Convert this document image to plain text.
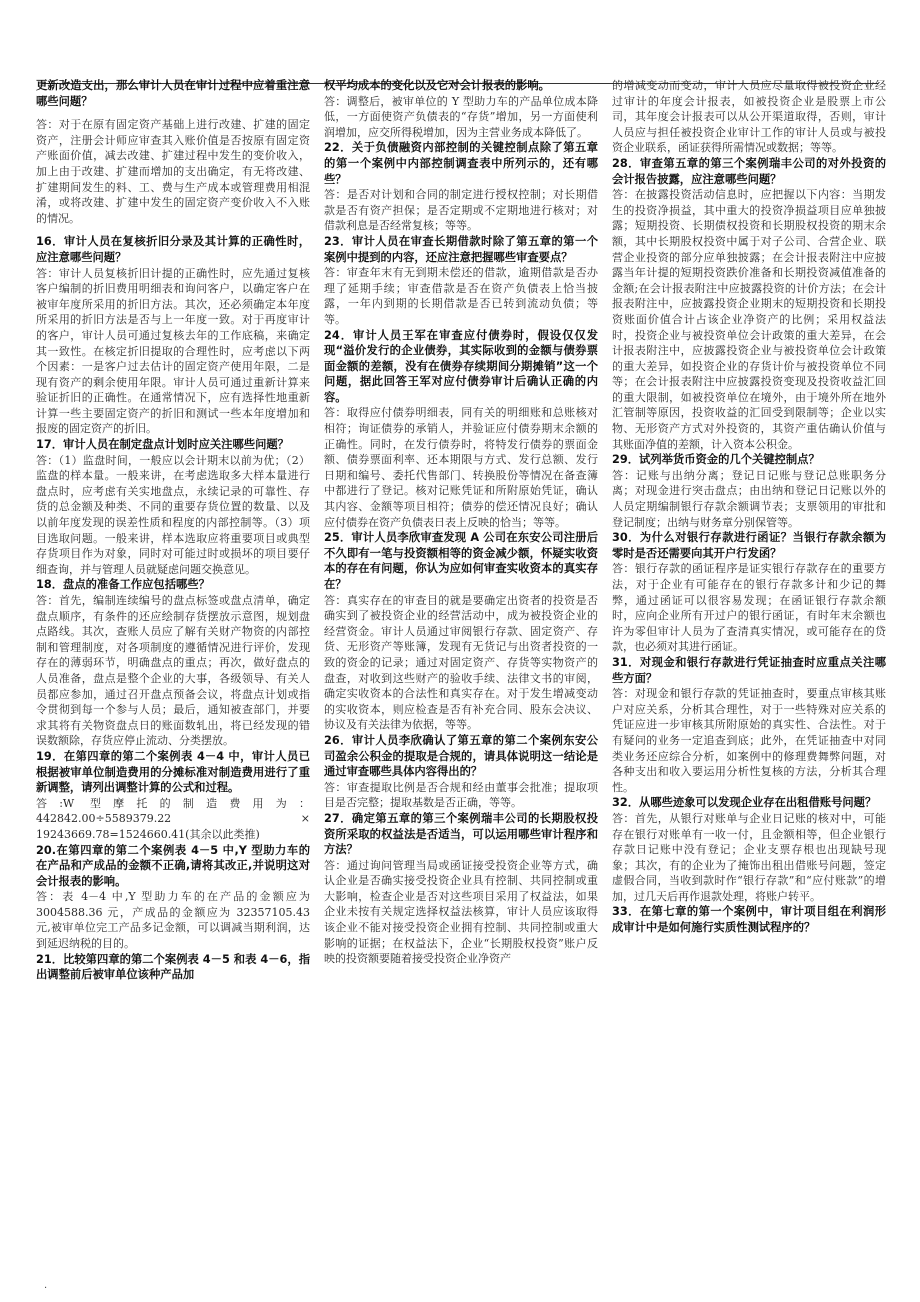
更新改造支出，那么审计人员在审计过程中应着重注意哪些问题？

答：对于在原有固定资产基础上进行改建、扩建的固定资产，注册会计师应审查其入账价值是否按原有固定资产账面价值，减去改建、扩建过程中发生的变价收入，加上由于改建、扩建而增加的支出确定，有无将改建、扩建期间发生的料、工、费与生产成本或管理费用相混淆，或将改建、扩建中发生的固定资产变价收入不入账的情况。

16．审计人员在复核折旧分录及其计算的正确性时，应注意哪些问题？

答：审计人员复核折旧计提的正确性时，应先通过复核客户编制的折旧费用明细表和询问客户，以确定客户在被审年度所采用的折旧方法。其次，还必须确定本年度所采用的折旧方法是否与上一年度一致。对于再度审计的客户，审计人员可通过复核去年的工作底稿，来确定其一致性。在核定折旧提取的合理性时，应考虑以下两个因素：一是客户过去估计的固定资产使用年限，二是现有资产的剩余使用年限。审计人员可通过重新计算来验证折旧的正确性。在通常情况下，应有选择性地重新计算一些主要固定资产的折旧和测试一些本年度增加和报废的固定资产的折旧。

17．审计人员在制定盘点计划时应关注哪些问题？

答：（1）监盘时间，一般应以会计期末以前为优；（2）监盘的样本量。一般来讲，在考虑选取多大样本量进行盘点时，应考虑有关实地盘点，永续记录的可靠性、存货的总金额及种类、不同的重要存货位置的数量、以及以前年度发现的误差性质和程度的内部控制等。（3）项目选取问题。一般来讲，样本选取应将重要项目或典型存货项目作为对象，同时对可能过时或损坏的项目要仔细查询，并与管理人员就疑虑问题交换意见。

18．盘点的准备工作应包括哪些？

答：首先，编制连续编号的盘点标签或盘点清单，确定盘点顺序，有条件的还应绘制存货摆放示意图，规划盘点路线。其次，查账人员应了解有关财产物资的内部控制和管理制度，对各项制度的遵循情况进行评价，发现存在的薄弱环节，明确盘点的重点；再次，做好盘点的人员准备，盘点是整个企业的大事，各级领导、有关人员都应参加，通过召开盘点预备会议，将盘点计划或指令贯彻到每一个参与人员；最后，通知被查部门，并要求其将有关物资盘点日的账面数轧出，将已经发现的错误数额除，存货应停止流动、分类摆放。

19．在第四章的第二个案例表 4－4 中，审计人员已根据被审单位制造费用的分摊标准对制造费用进行了重新调整，请列出调整计算的公式和过程。

答:W 型摩托的制造费用为： 442842.00÷5589379.22 × 19243669.78=1524660.41(其余以此类推)

20.在第四章的第二个案例表 4－5 中,Y 型助力车的在产品和产成品的金额不正确,请将其改正,并说明这对会计报表的影响。

答：表 4－4 中,Y 型助力车的在产品的金额应为 3004588.36 元，产成品的金额应为 32357105.43 元,被审单位完工产品多记金额，可以调减当期利润，达到延迟纳税的目的。

21．比较第四章的第二个案例表 4－5 和表 4－6，指出调整前后被审单位该种产品加

权平均成本的变化以及它对会计报表的影响。

答：调整后，被审单位的 Y 型助力车的产品单位成本降低，一方面使资产负债表的“存货”增加，另一方面使利润增加，应交所得税增加，因为主营业务成本降低了。

22．关于负债融资内部控制的关键控制点除了第五章的第一个案例中内部控制调查表中所列示的，还有哪些？

答：是否对计划和合同的制定进行授权控制；对长期借款是否有资产担保；是否定期或不定期地进行核对；对借款利息是否经常复核；等等。

23．审计人员在审查长期借款时除了第五章的第一个案例中提到的内容，还应注意把握哪些审查要点？

答：审查年末有无到期未偿还的借款，逾期借款是否办理了延期手续；审查借款是否在资产负债表上恰当披露，一年内到期的长期借款是否已转到流动负债；等等。

24．审计人员王军在审查应付债券时，假设仅仅发现“溢价发行的企业债券，其实际收到的金额与债券票面金额的差额，没有在债券存续期间分期摊销”这一个问题，据此回答王军对应付债券审计后确认正确的内容。

答：取得应付债券明细表，同有关的明细账和总账核对相符；询证债券的承销人，并验证应付债券期末余额的正确性。同时，在发行债券时，将特发行债券的票面金额、债券票面利率、还本期限与方式、发行总额、发行日期和编号、委托代售部门、转换股份等情况在备查簿中都进行了登记。核对记账凭证和所附原始凭证，确认其内容、金额等项目相符；债券的偿还情况良好；确认应付债券在资产负债表日表上反映的恰当；等等。

25．审计人员李欣审查发现 A 公司在东安公司注册后不久即有一笔与投资额相等的资金减少额，怀疑实收资本的存在有问题，你认为应如何审查实收资本的真实存在？

答：真实存在的审查目的就是要确定出资者的投资是否确实到了被投资企业的经营活动中，成为被投资企业的经营资金。审计人员通过审阅银行存款、固定资产、存货、无形资产等账簿，发现有无货记与出资者投资的一致的资金的记录；通过对固定资产、存货等实物资产的盘查，对收到这些财产的验收手续、法律文书的审阅，确定实收资本的合法性和真实存在。对于发生增减变动的实收资本，则应检查是否有补充合同、股东会决议、协议及有关法律为依据，等等。

26．审计人员李欣确认了第五章的第二个案例东安公司盈余公积金的提取是合规的，请具体说明这一结论是通过审查哪些具体内容得出的？

答：审查提取比例是否合规和经由董事会批准；提取项目是否完整；提取基数是否正确，等等。

27．确定第五章的第三个案例瑞丰公司的长期股权投资所采取的权益法是否适当，可以运用哪些审计程序和方法？

答：通过询问管理当局或函证接受投资企业等方式，确认企业是否确实接受投资企业具有控制、共同控制或重大影响，检查企业是否对这些项目采用了权益法，如果企业未按有关规定选择权益法核算，审计人员应该取得该企业不能对接受投资企业拥有控制、共同控制或重大影响的证据；在权益法下，企业“长期股权投资”账户反映的投资额要随着接受投资企业净资产

的增减变动而变动，审计人员应尽量取得被投资企业经过审计的年度会计报表，如被投资企业是股票上市公司，其年度会计报表可以从公开渠道取得，否则，审计人员应与担任被投资企业审计工作的审计人员或与被投资企业联系，函证获得所需情况或数据；等等。

28．审查第五章的第三个案例瑞丰公司的对外投资的会计报告披露，应注意哪些问题？

答：在披露投资活动信息时，应把握以下内容：当期发生的投资净损益，其中重大的投资净损益项目应单独披露；短期投资、长期债权投资和长期股权投资的期末余额，其中长期股权投资中属于对子公司、合营企业、联营企业投资的部分应单独披露；在会计报表附注中应披露当年计提的短期投资跌价准备和长期投资减值准备的金额;在会计报表附注中应披露投资的计价方法；在会计报表附注中，应披露投资企业期末的短期投资和长期投资账面价值合计占该企业净资产的比例；采用权益法时，投资企业与被投资单位会计政策的重大差异，在会计报表附注中，应披露投资企业与被投资单位会计政策的重大差异，如投资企业的存货计价与被投资单位不同等；在会计报表附注中应披露投资变现及投资收益汇回的重大限制，如被投资单位在境外，由于境外所在地外汇管制等原因，投资收益的汇回受到限制等；企业以实物、无形资产方式对外投资的，其资产重估确认价值与其账面净值的差额，计入资本公积金。

29．试列举货币资金的几个关键控制点？

答：记账与出纳分离；登记日记账与登记总账职务分离；对现金进行突击盘点；由出纳和登记日记账以外的人员定期编制银行存款余额调节表；支票领用的审批和登记制度；出纳与财务章分别保管等。

30．为什么对银行存款进行函证？当银行存款余额为零时是否还需要向其开户行发函？

答：银行存款的函证程序是证实银行存款存在的重要方法，对于企业有可能存在的银行存款多计和少记的舞弊，通过函证可以很容易发现；在函证银行存款余额时，应向企业所有开过户的银行函证，有时年末余额也许为零但审计人员为了查清真实情况，或可能存在的贷款，也必须对其进行函证。

31．对现金和银行存款进行凭证抽查时应重点关注哪些方面？

答：对现金和银行存款的凭证抽查时，要重点审核其账户对应关系，分析其合理性，对于一些特殊对应关系的凭证应进一步审核其所附原始的真实性、合法性。对于有疑问的业务一定追查到底；此外，在凭证抽查中对同类业务还应综合分析，如案例中的修理费舞弊问题，对各种支出和收入要运用分析性复核的方法，分析其合理性。

32．从哪些迹象可以发现企业存在出租借账号问题？

答：首先，从银行对账单与企业日记账的核对中，可能存在银行对账单有一收一付，且金额相等，但企业银行存款日记账中没有登记；企业支票存根也出现缺号现象；其次，有的企业为了掩饰出租出借账号问题，签定虚假合同，当收到款时作“银行存款”和“应付账款”的增加，过几天后再作退款处理，将账户转平。

33．在第七章的第一个案例中，审计项目组在利润形成审计中是如何施行实质性测试程序的？

.
